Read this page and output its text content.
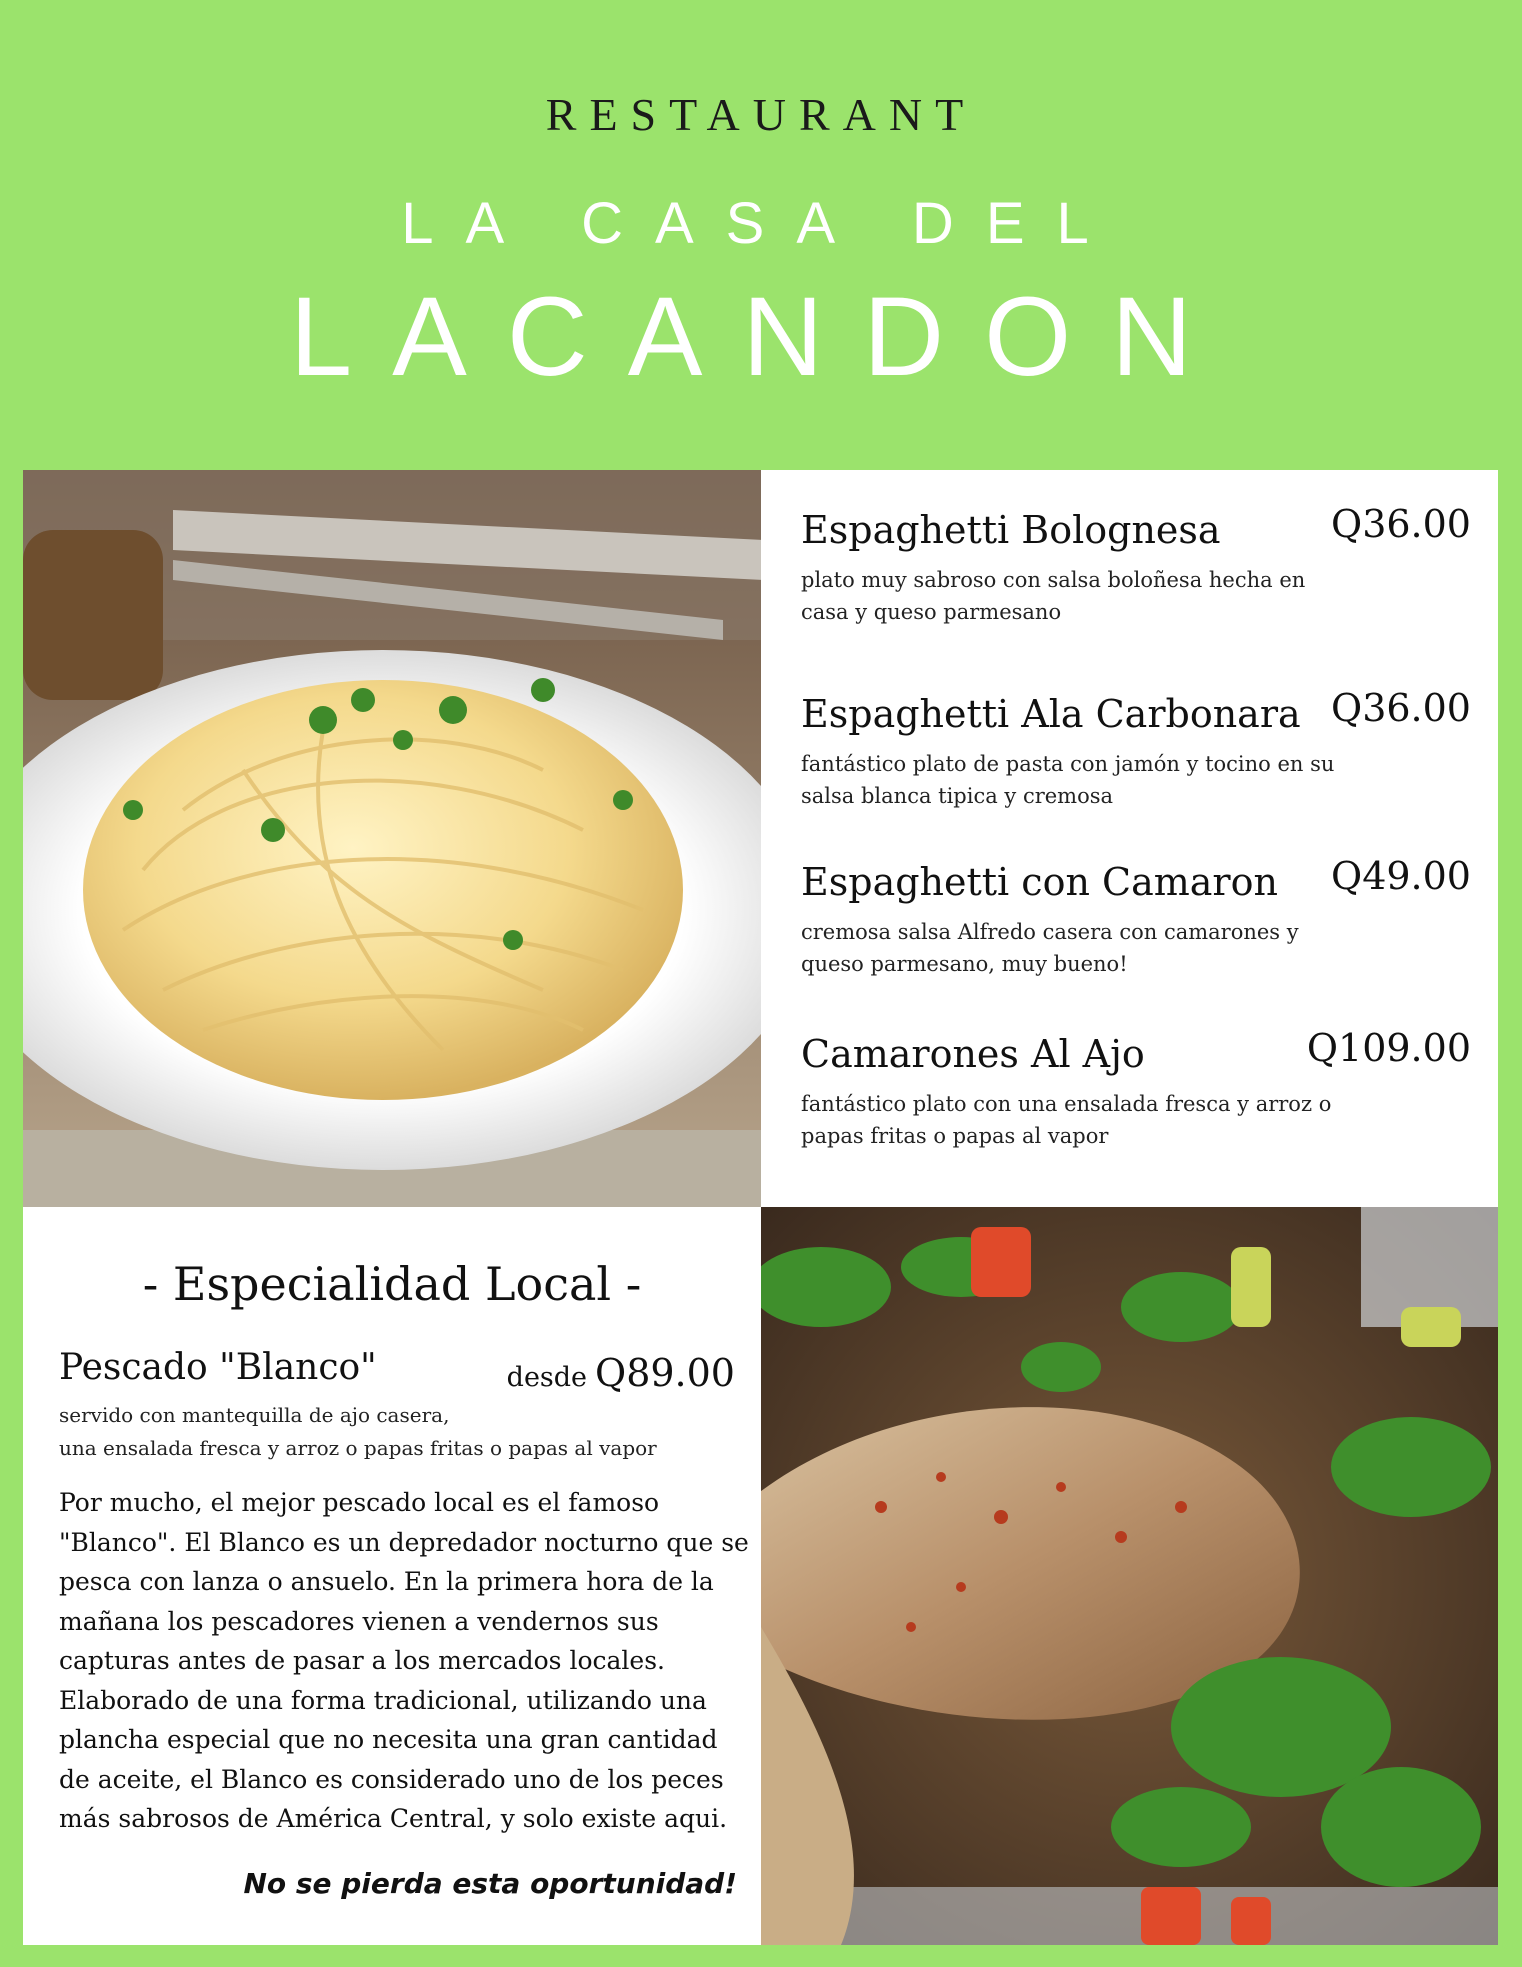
RESTAURANT
LA CASA DEL
LACANDON
Espaghetti Bolognesa	Q36.00
plato muy sabroso con salsa boloñesa hecha en casa y queso parmesano
Espaghetti Ala Carbonara Q36.00
fantástico plato de pasta con jamón y tocino en su salsa blanca tipica y cremosa
Espaghetti con Camaron Q49.00
cremosa salsa Alfredo casera con camarones y queso parmesano, muy bueno!
Camarones Al Ajo	Q109.00
fantástico plato con una ensalada fresca y arroz o papas fritas o papas al vapor
- Especialidad Local -
Pescado "Blanco"	desde Q89.00
servido con mantequilla de ajo casera,
una ensalada fresca y arroz o papas fritas o papas al vapor
Por mucho, el mejor pescado local es el famoso "Blanco". El Blanco es un depredador nocturno que se pesca con lanza o ansuelo. En la primera hora de la mañana los pescadores vienen a vendernos sus capturas antes de pasar a los mercados locales. Elaborado de una forma tradicional, utilizando una plancha especial que no necesita una gran cantidad de aceite, el Blanco es considerado uno de los peces más sabrosos de América Central, y solo existe aqui.
No se pierda esta oportunidad!
